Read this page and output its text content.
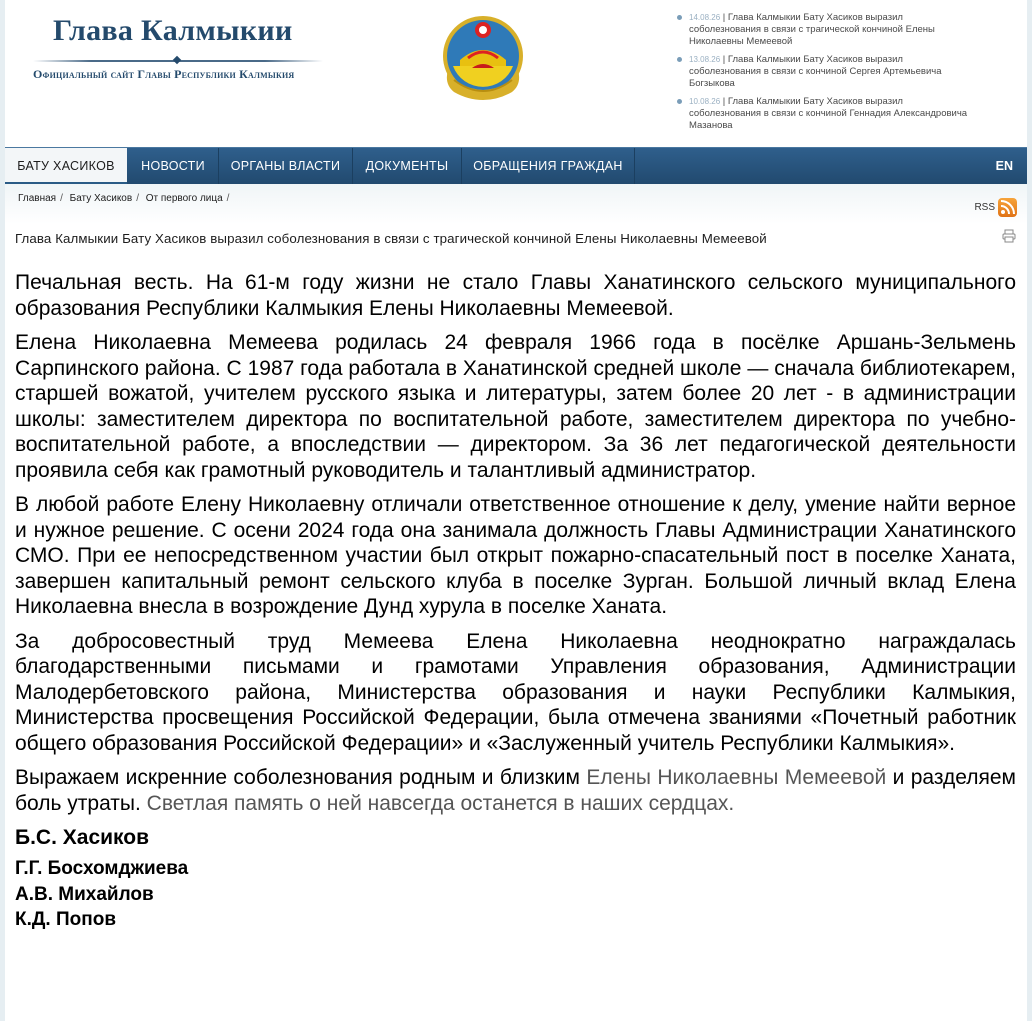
Глава Калмыкии
Официальный сайт Главы Республики Калмыкия
14.08.26 | Глава Калмыкии Бату Хасиков выразил соболезнования в связи с трагической кончиной Елены Николаевны Мемеевой
13.08.26 | Глава Калмыкии Бату Хасиков выразил соболезнования в связи с кончиной Сергея Артемьевича Богзыкова
10.08.26 | Глава Калмыкии Бату Хасиков выразил соболезнования в связи с кончиной Геннадия Александровича Мазанова
БАТУ ХАСИКОВ	НОВОСТИ	ОРГАНЫ ВЛАСТИ	ДОКУМЕНТЫ	ОБРАЩЕНИЯ ГРАЖДАН	EN
Главная / Бату Хасиков / От первого лица /
RSS
Глава Калмыкии Бату Хасиков выразил соболезнования в связи с трагической кончиной Елены Николаевны Мемеевой

Печальная весть. На 61-м году жизни не стало Главы Ханатинского сельского муниципального образования Республики Калмыкия Елены Николаевны Мемеевой.

Елена Николаевна Мемеева родилась 24 февраля 1966 года в посёлке Аршань-Зельмень Сарпинского района. С 1987 года работала в Ханатинской средней школе — сначала библиотекарем, старшей вожатой, учителем русского языка и литературы, затем более 20 лет - в администрации школы: заместителем директора по воспитательной работе, заместителем директора по учебно-воспитательной работе, а впоследствии — директором. За 36 лет педагогической деятельности проявила себя как грамотный руководитель и талантливый администратор.

В любой работе Елену Николаевну отличали ответственное отношение к делу, умение найти верное и нужное решение. С осени 2024 года она занимала должность Главы Администрации Ханатинского СМО. При ее непосредственном участии был открыт пожарно-спасательный пост в поселке Ханата, завершен капитальный ремонт сельского клуба в поселке Зурган. Большой личный вклад Елена Николаевна внесла в возрождение Дунд хурула в поселке Ханата.

За добросовестный труд Мемеева Елена Николаевна неоднократно награждалась благодарственными письмами и грамотами Управления образования, Администрации Малодербетовского района, Министерства образования и науки Республики Калмыкия, Министерства просвещения Российской Федерации, была отмечена званиями «Почетный работник общего образования Российской Федерации» и «Заслуженный учитель Республики Калмыкия».

Выражаем искренние соболезнования родным и близким Елены Николаевны Мемеевой и разделяем боль утраты. Светлая память о ней навсегда останется в наших сердцах.

Б.С. Хасиков
Г.Г. Босхомджиева
А.В. Михайлов
К.Д. Попов
